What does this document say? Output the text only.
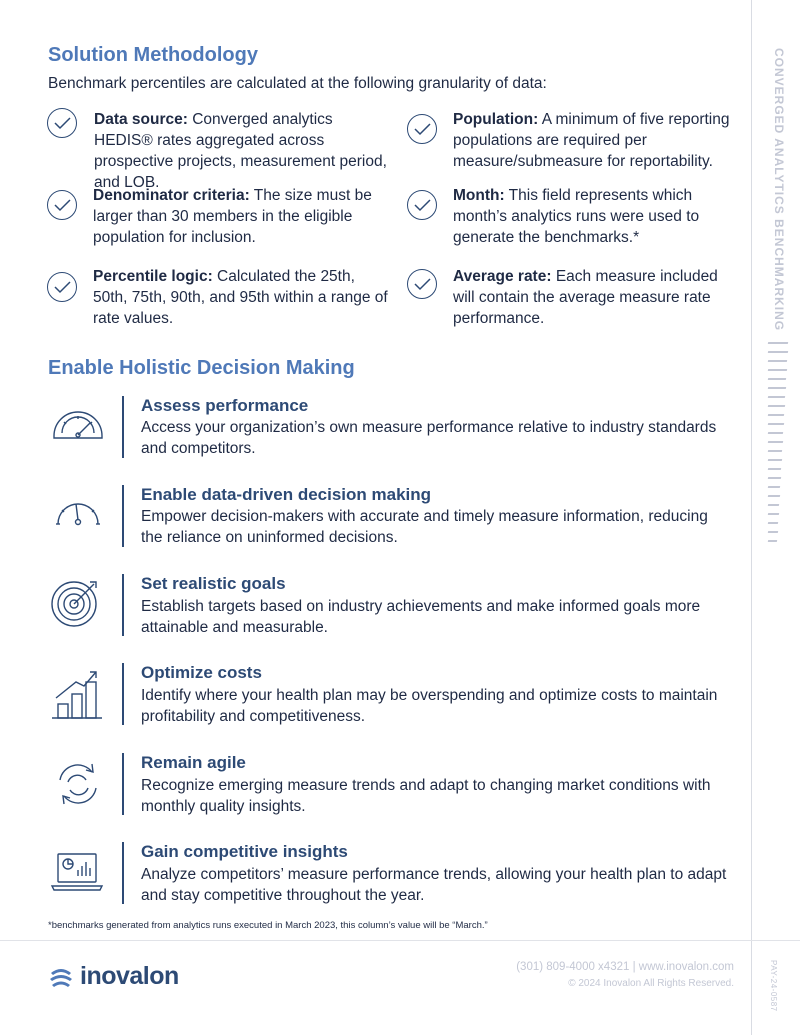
CONVERGED ANALYTICS BENCHMARKING
Solution Methodology
Benchmark percentiles are calculated at the following granularity of data:
Data source: Converged analytics HEDIS® rates aggregated across prospective projects, measurement period, and LOB.
Population: A minimum of five reporting populations are required per measure/submeasure for reportability.
Denominator criteria: The size must be larger than 30 members in the eligible population for inclusion.
Month: This field represents which month’s analytics runs were used to generate the benchmarks.*
Percentile logic: Calculated the 25th, 50th, 75th, 90th, and 95th within a range of rate values.
Average rate: Each measure included will contain the average measure rate performance.
Enable Holistic Decision Making
Assess performance
Access your organization’s own measure performance relative to industry standards and competitors.
Enable data-driven decision making
Empower decision-makers with accurate and timely measure information, reducing the reliance on uninformed decisions.
Set realistic goals
Establish targets based on industry achievements and make informed goals more attainable and measurable.
Optimize costs
Identify where your health plan may be overspending and optimize costs to maintain profitability and competitiveness.
Remain agile
Recognize emerging measure trends and adapt to changing market conditions with monthly quality insights.
Gain competitive insights
Analyze competitors’ measure performance trends, allowing your health plan to adapt and stay competitive throughout the year.
*benchmarks generated from analytics runs executed in March 2023, this column’s value will be “March.”
inovalon	(301) 809-4000 x4321 | www.inovalon.com
© 2024 Inovalon All Rights Reserved.	PAY-24-0587
